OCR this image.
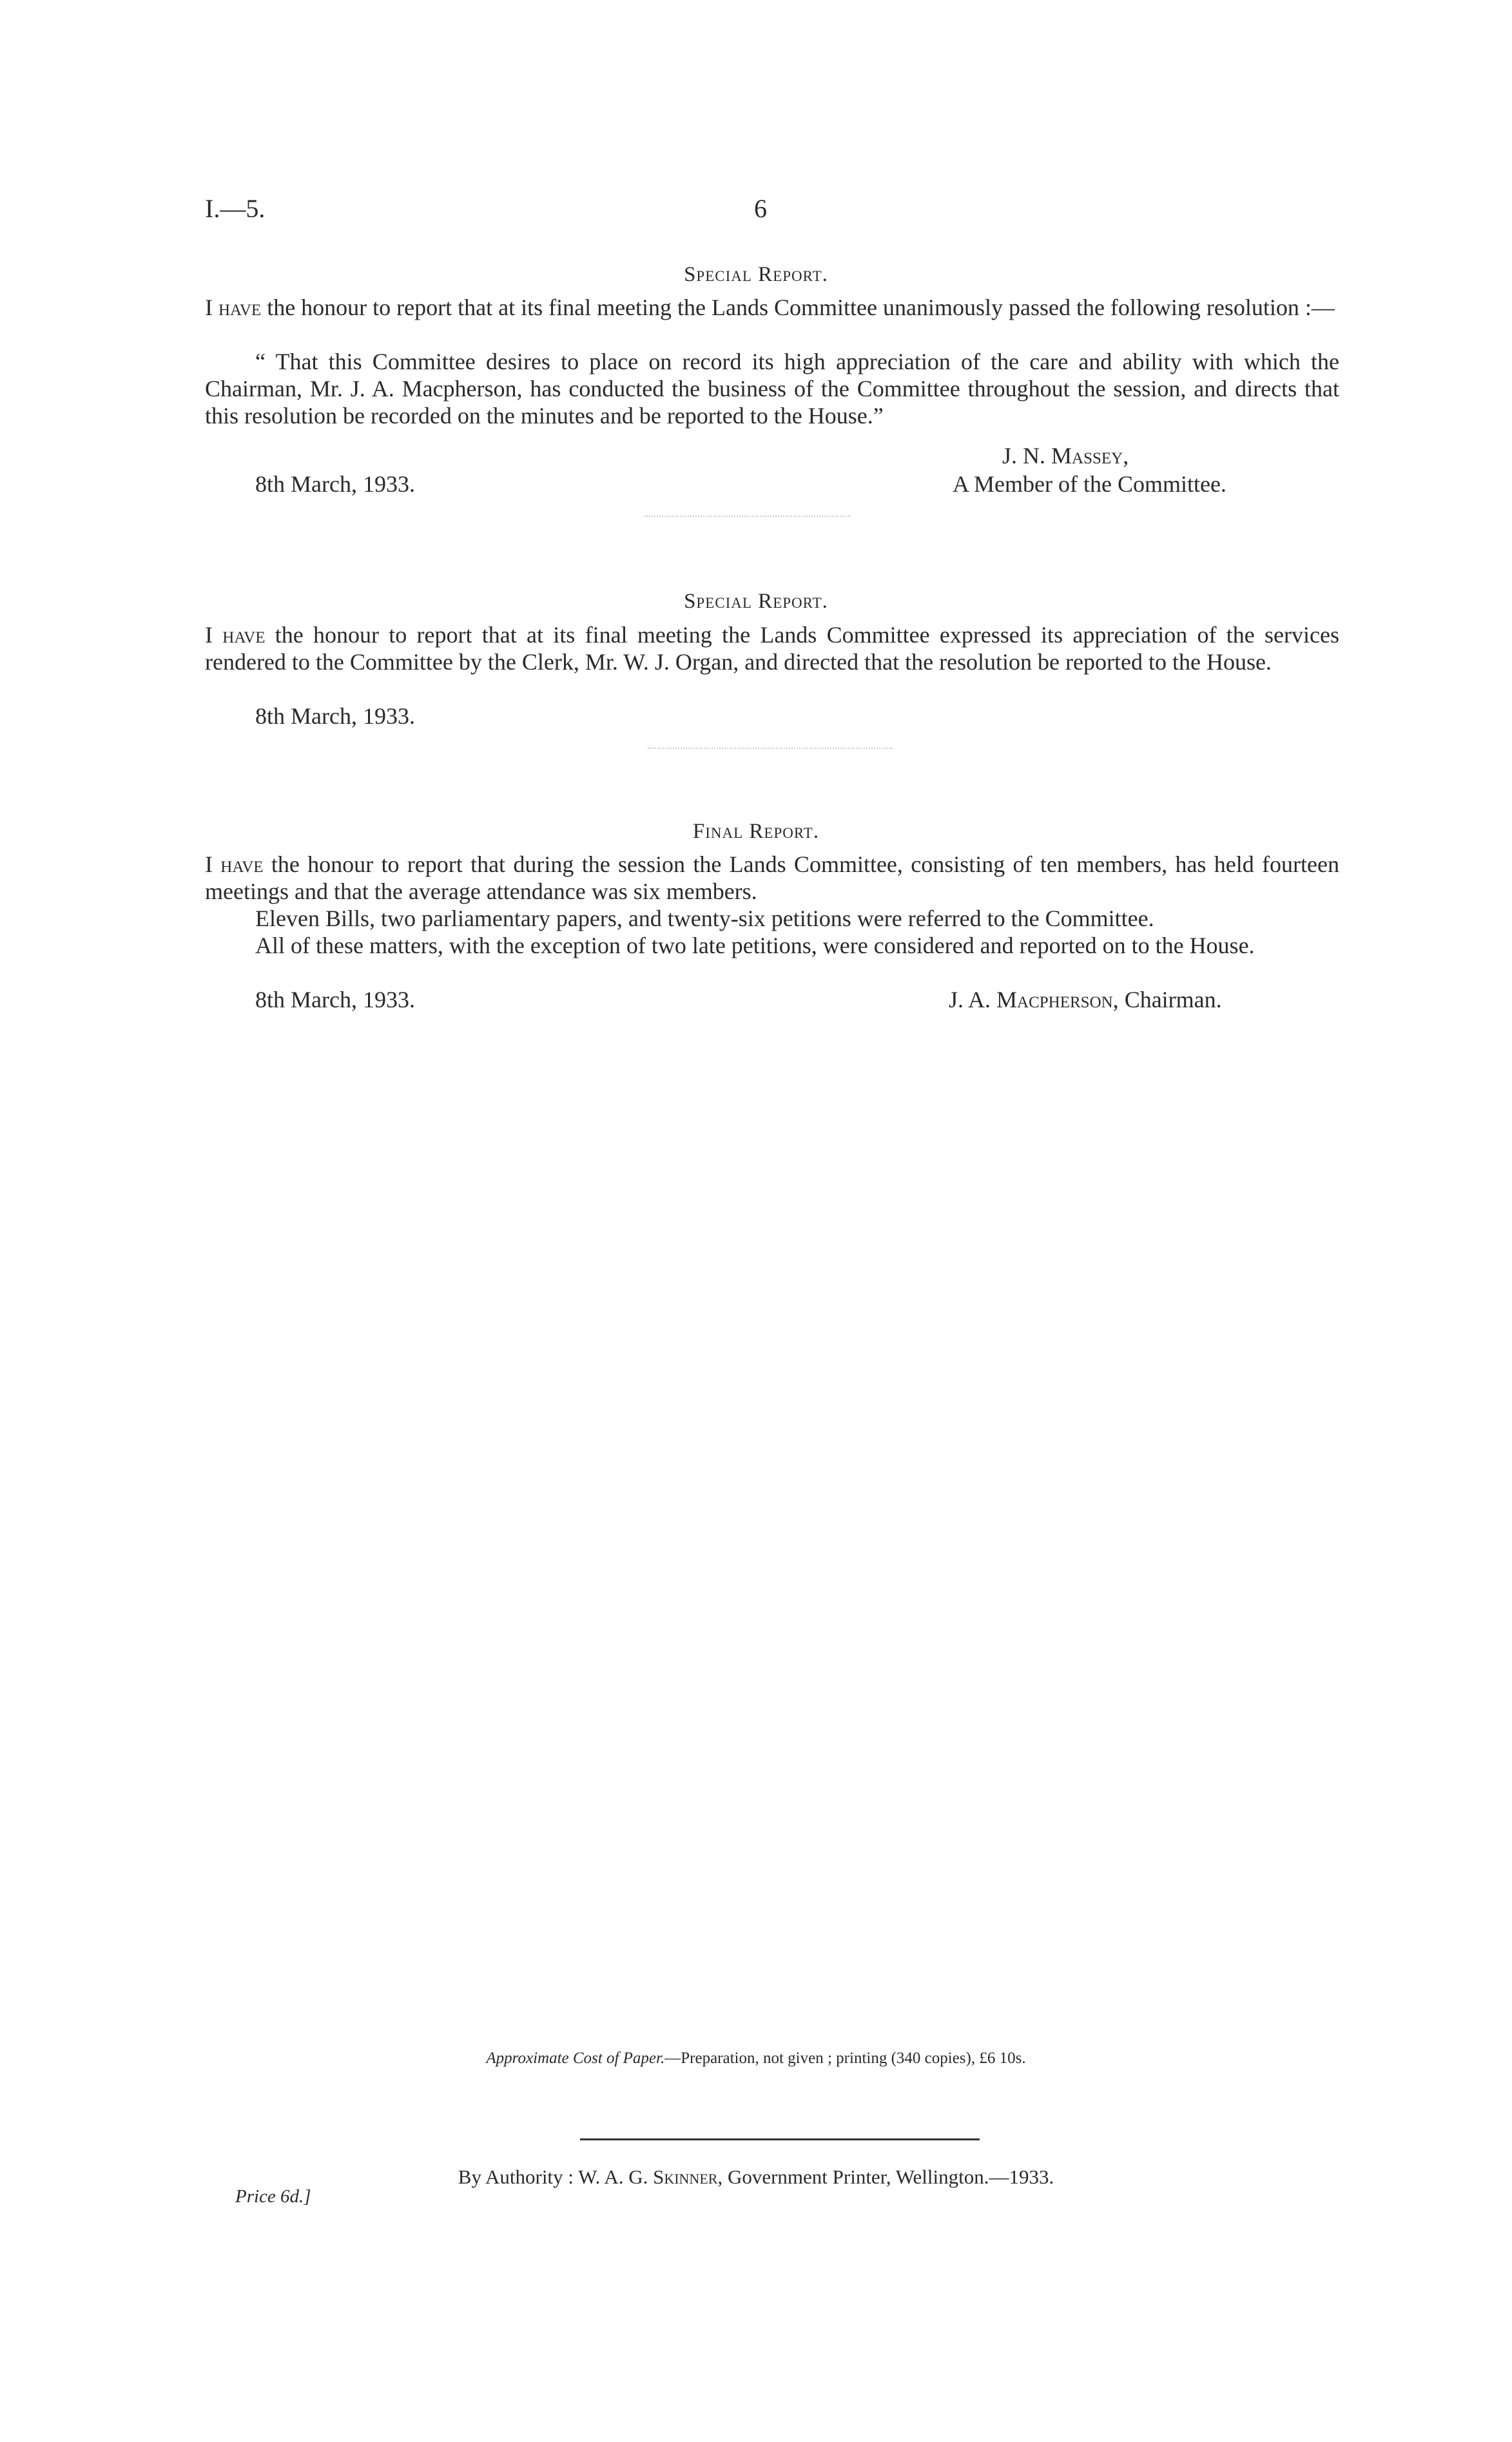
I.—5.	6
Special Report.
I have the honour to report that at its final meeting the Lands Committee unanimously passed the following resolution :—
“ That this Committee desires to place on record its high appreciation of the care and ability with which the Chairman, Mr. J. A. Macpherson, has conducted the business of the Committee throughout the session, and directs that this resolution be recorded on the minutes and be reported to the House.”
J. N. Massey,
8th March, 1933.	A Member of the Committee.
Special Report.
I have the honour to report that at its final meeting the Lands Committee expressed its appreciation of the services rendered to the Committee by the Clerk, Mr. W. J. Organ, and directed that the resolution be reported to the House.
8th March, 1933.
Final Report.
I have the honour to report that during the session the Lands Committee, consisting of ten members, has held fourteen meetings and that the average attendance was six members.
Eleven Bills, two parliamentary papers, and twenty-six petitions were referred to the Committee.
All of these matters, with the exception of two late petitions, were considered and reported on to the House.
8th March, 1933.	J. A. Macpherson, Chairman.
Approximate Cost of Paper.—Preparation, not given ; printing (340 copies), £6 10s.
By Authority : W. A. G. Skinner, Government Printer, Wellington.—1933.
Price 6d.]
